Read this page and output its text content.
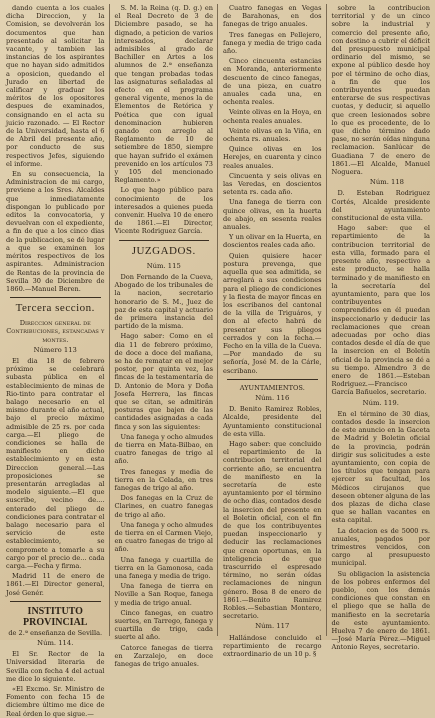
dando cuenta a los cuales dicha Direccion, y la Comision, se devolverán los documentos que han presentado al solicitar la vacante, y tambien las instancias de los aspirantes que no hayan sido admitidos a oposicion, quedando el Jurado en libertad de calificar y graduar los méritos de los opositores despues de examinados, consignando en el acta su juicio razonado. — El Rector de la Universidad, hasta el 6 de Abril del presente año, por conducto de sus respectivos Jefes, siguiendo el informe.

En su consecuencia, la Administracion de mi cargo, previene a los Sres. Alcaldes que inmediatamente dispongan lo publicado por editos la convocatoria, y devuelvan con el expediente, a fin de que a los cinco dias de la publicacion, se dé lugar a que se examinen los méritos respectivos de los aspirantes. Administracion de Rentas de la provincia de Sevilla 30 de Diciembre de 1860.—Manuel Beren.

Tercera seccion.
Direccion general de Contribuciones, estancadas y montes.
Número 113

El dia 18 de febrero próximo se celebrará subasta pública en el establecimiento de minas de Rio-tinto para contratar el balago necesario en el mismo durante el año actual, bajo el precio máximo admisible de 25 rs. por cada carga.—El pliego de condiciones se halla de manifiesto en dicho establecimiento y en esta Direccion general.—Las proposiciones se presentarán arregladas al modelo siguiente.—El que suscribe, vecino de.... enterado del pliego de condiciones para contratar el balago necesario para el servicio de este establecimiento, se compromete a tomarle a su cargo por el precio de... cada carga.—Fecha y firma.

Madrid 11 de enero de 1861.—El Director general, José Genér.

INSTITUTO PROVINCIAL
de 2.ª enseñanza de Sevilla.
Núm. 114.

El Sr. Rector de la Universidad literaria de Sevilla con fecha 4 del actual me dice lo siguiente.

«El Excmo. Sr. Ministro de Fomento con fecha 15 de diciembre último me dice de Real órden lo que sigue.—

S. M. la Reina (q. D. g.) en el Real Decreto de 3 de Diciembre pasado, se ha dignado, a peticion de varios interesados, declarar admisibles al grado de Bachiller en Artes a los alumnos de 2.ª enseñanza que tengan probadas todas las asignaturas señaladas al efecto en el programa general vigente, menos la de Elementos de Retórica y Poética que con igual denominacion hubieren ganado con arreglo al Reglamento de 10 de setiembre de 1850, siempre que hayan sufrido el exámen prevenido en los artículos 73 y 105 del mencionado Reglamento.»

Lo que hago público para conocimiento de los interesados a quienes pueda convenir. Huelva 10 de enero de 1861.—El Director, Vicente Rodriguez García.

JUZGADOS.
Núm. 115

Don Fernando de la Cueva, Abogado de los tribunales de la nacion, secretario honorario de S. M., Juez de paz de esta capital y actuario de primera instancia del partido de la misma.

Hago saber: Como en el dia 11 de febrero próximo, de doce a doce del mañana, se ha de rematar en el mejor postor, por quinta vez, las fincas de la testamentaría de D. Antonio de Mora y Doña Josefa Herrera, las fincas que se citan, se admitirán posturas que bajen de las cantidades asignadas a cada finca y son las siguientes:

Una fanega y ocho almudes de tierra en Mata-Bilbao, en cuatro fanegas de trigo al año.

Tres fanegas y media de tierra en la Celada, en tres fanegas de trigo al año.

Dos fanegas en la Cruz de Clarines, en cuatro fanegas de trigo al año.

Una fanega y ocho almudes de tierra en el Carmen Viejo, en cuatro fanegas de trigo al año.

Una fanega y cuartilla de tierra en la Gamonosa, cada una fanega y media de trigo.

Una fanega de tierra en Noville a San Roque, fanega y media de trigo anual.

Cinco fanegas, en cuatro suertes, en Tarrego, fanega y cuartilla de trigo, cada suerte al año.

Catorce fanegas de tierra en Zarzalejo, en doce fanegas de trigo anuales.

Cuatro fanegas en Vegas de Barahonas, en dos fanegas de trigo anuales.

Tres fanegas en Pellejero, fanega y media de trigo cada año.

Cinco cincuenta estancias en Moranda, anteriormente descuento de cinco fanegas, de una pieza, en cuatro anuales cada una, en ochenta reales.

Veinte olivas en la Hoya, en ochenta reales anuales.

Veinte olivas en la Viña, en ochenta rs. anuales.

Quince olivas en los Herejes, en cuarenta y cinco reales anuales.

Cincuenta y seis olivas en las Veredas, en doscientos setenta rs. cada año.

Una fanega de tierra con quince olivas, en la huerta de abajo, en sesenta reales anuales.

Y un olivar en la Huerta, en doscientos reales cada año.

Quien quisiere hacer postura prevenga, que aquella que sea admitida, se arreglará a sus condiciones para el pliego de condiciones y la fiesta de mayor fincas en los escribanos del cantonal de la villa de Triguáros, y don al efecto habrá de presentar sus pliegos cerrados y con la fecha.—Fecho en la villa de la Cueva.—Por mandado de su señoría, José M. de la Cárle, escribano.

AYUNTAMIENTOS.
Núm. 116

D. Benito Ramirez Robles, Alcalde, presidente del Ayuntamiento constitucional de esta villa.

Hago saber: que concluido el repartimiento de la contribucion territorial del corriente año, se encuentra de manifiesto en la secretaría de este ayuntamiento por el término de ocho dias, contados desde la insercion del presente en el Boletin oficial, con el fin de que los contribuyentes puedan inspeccionarlo y deducir las reclamaciones que crean oportunas, en la inteligencia de que trascurrido el espresado término, no serán oídas reclamaciones de ningun género. Bosa 8 de enero de 1861.—Benito Ramirez Robles.—Sebastian Montero, secretario.

Núm. 117

Hallándose concluido el repartimiento de recargo extraordinario de un 10 p. §

sobre la contribucion territorial y de un cinco sobre la industrial y comercio del presente año, con destino a cubrir el déficit del presupuesto municipal ordinario del mismo, se expone al público desde hoy por el término de ocho dias, a fin de que los contribuyentes puedan enterarse de sus respectivas cuotas, y deducir, si aquello que creen lesionados sobre lo que es procedente, de lo que dicho término dado pase, no serán oídas ninguna reclamacion. Sanlúcar de Guadiana 7 de enero de 1861.—El Alcalde, Manuel Noguera.

Núm. 118

D. Esteban Rodriguez Cortés, Alcalde presidente del ayuntamiento constitucional de esta villa.

Hago saber: que el repartimiento de la contribucion territorial de esta villa, formado para el presente año, respectivo a este producto, se halla terminado y de manifiesto en la secretaría del ayuntamiento, para que los contribuyentes comprendidos en él puedan inspeccionarlo y deducir las reclamaciones que crean adecuadas por ocho dias contados desde el día de que la insercion en el Boletín oficial de la provincia se dé a su tiempo. Almendro 3 de enero de 1861.—Esteban Rodriguez.—Francisco García Bañuelos, secretario.

Núm. 119.

En el término de 30 dias, contados desde la insercion de este anuncio en la Gaceta de Madrid y Boletin oficial de la provincia, podrán dirigir sus solicitudes a este ayuntamiento, con copia de los títulos que tengan para ejercer su facultad, los Médicos cirujanos que deseen obtener alguna de las dos plazas de dicha clase que se hallan vacantes en esta capital.

La dotacion es de 5000 rs. anuales, pagados por trimestres vencidos, con cargo al presupuesto municipal.

Su obligacion la asistencia de los pobres enfermos del pueblo, con los demás condiciones que constan en el pliego que se halla de manifiesto en la secretaría de este ayuntamiento. Huelva 7 de enero de 1861.—José María Pérez.—Miguel Antonio Reyes, secretario.
